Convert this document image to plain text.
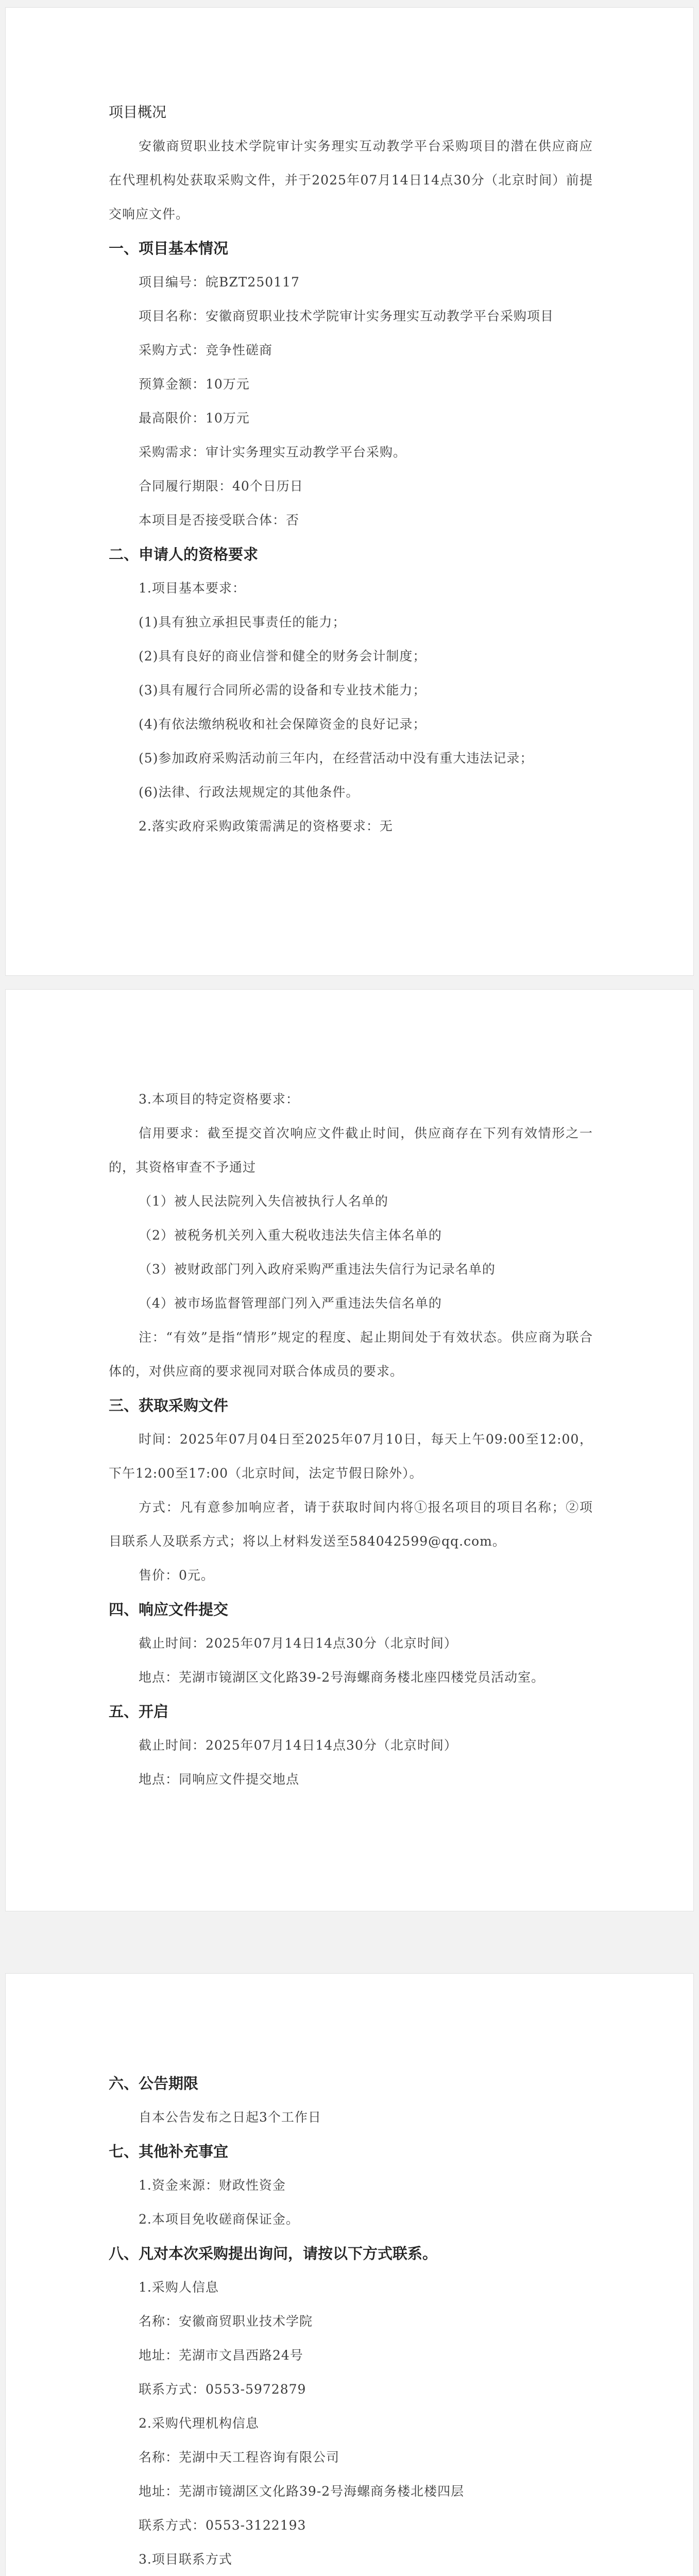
项目概况

安徽商贸职业技术学院审计实务理实互动教学平台采购项目的潜在供应商应在代理机构处获取采购文件，并于2025年07月14日14点30分（北京时间）前提交响应文件。

一、项目基本情况

项目编号：皖BZT250117

项目名称：安徽商贸职业技术学院审计实务理实互动教学平台采购项目

采购方式：竞争性磋商

预算金额：10万元

最高限价：10万元

采购需求：审计实务理实互动教学平台采购。

合同履行期限：40个日历日

本项目是否接受联合体：否

二、申请人的资格要求

1.项目基本要求：

(1)具有独立承担民事责任的能力；

(2)具有良好的商业信誉和健全的财务会计制度；

(3)具有履行合同所必需的设备和专业技术能力；

(4)有依法缴纳税收和社会保障资金的良好记录；

(5)参加政府采购活动前三年内，在经营活动中没有重大违法记录；

(6)法律、行政法规规定的其他条件。

2.落实政府采购政策需满足的资格要求：无

3.本项目的特定资格要求：

信用要求：截至提交首次响应文件截止时间，供应商存在下列有效情形之一的，其资格审查不予通过

（1）被人民法院列入失信被执行人名单的

（2）被税务机关列入重大税收违法失信主体名单的

（3）被财政部门列入政府采购严重违法失信行为记录名单的

（4）被市场监督管理部门列入严重违法失信名单的

注：“有效”是指“情形”规定的程度、起止期间处于有效状态。供应商为联合体的，对供应商的要求视同对联合体成员的要求。

三、获取采购文件

时间：2025年07月04日至2025年07月10日，每天上午09:00至12:00，下午12:00至17:00（北京时间，法定节假日除外）。

方式：凡有意参加响应者，请于获取时间内将①报名项目的项目名称；②项目联系人及联系方式；将以上材料发送至584042599@qq.com。

售价：0元。

四、响应文件提交

截止时间：2025年07月14日14点30分（北京时间）

地点：芜湖市镜湖区文化路39-2号海螺商务楼北座四楼党员活动室。

五、开启

截止时间：2025年07月14日14点30分（北京时间）

地点：同响应文件提交地点

六、公告期限

自本公告发布之日起3个工作日

七、其他补充事宜

1.资金来源：财政性资金

2.本项目免收磋商保证金。

八、凡对本次采购提出询问，请按以下方式联系。

1.采购人信息

名称：安徽商贸职业技术学院

地址：芜湖市文昌西路24号

联系方式：0553-5972879

2.采购代理机构信息

名称：芜湖中天工程咨询有限公司

地址：芜湖市镜湖区文化路39-2号海螺商务楼北楼四层

联系方式：0553-3122193

3.项目联系方式
